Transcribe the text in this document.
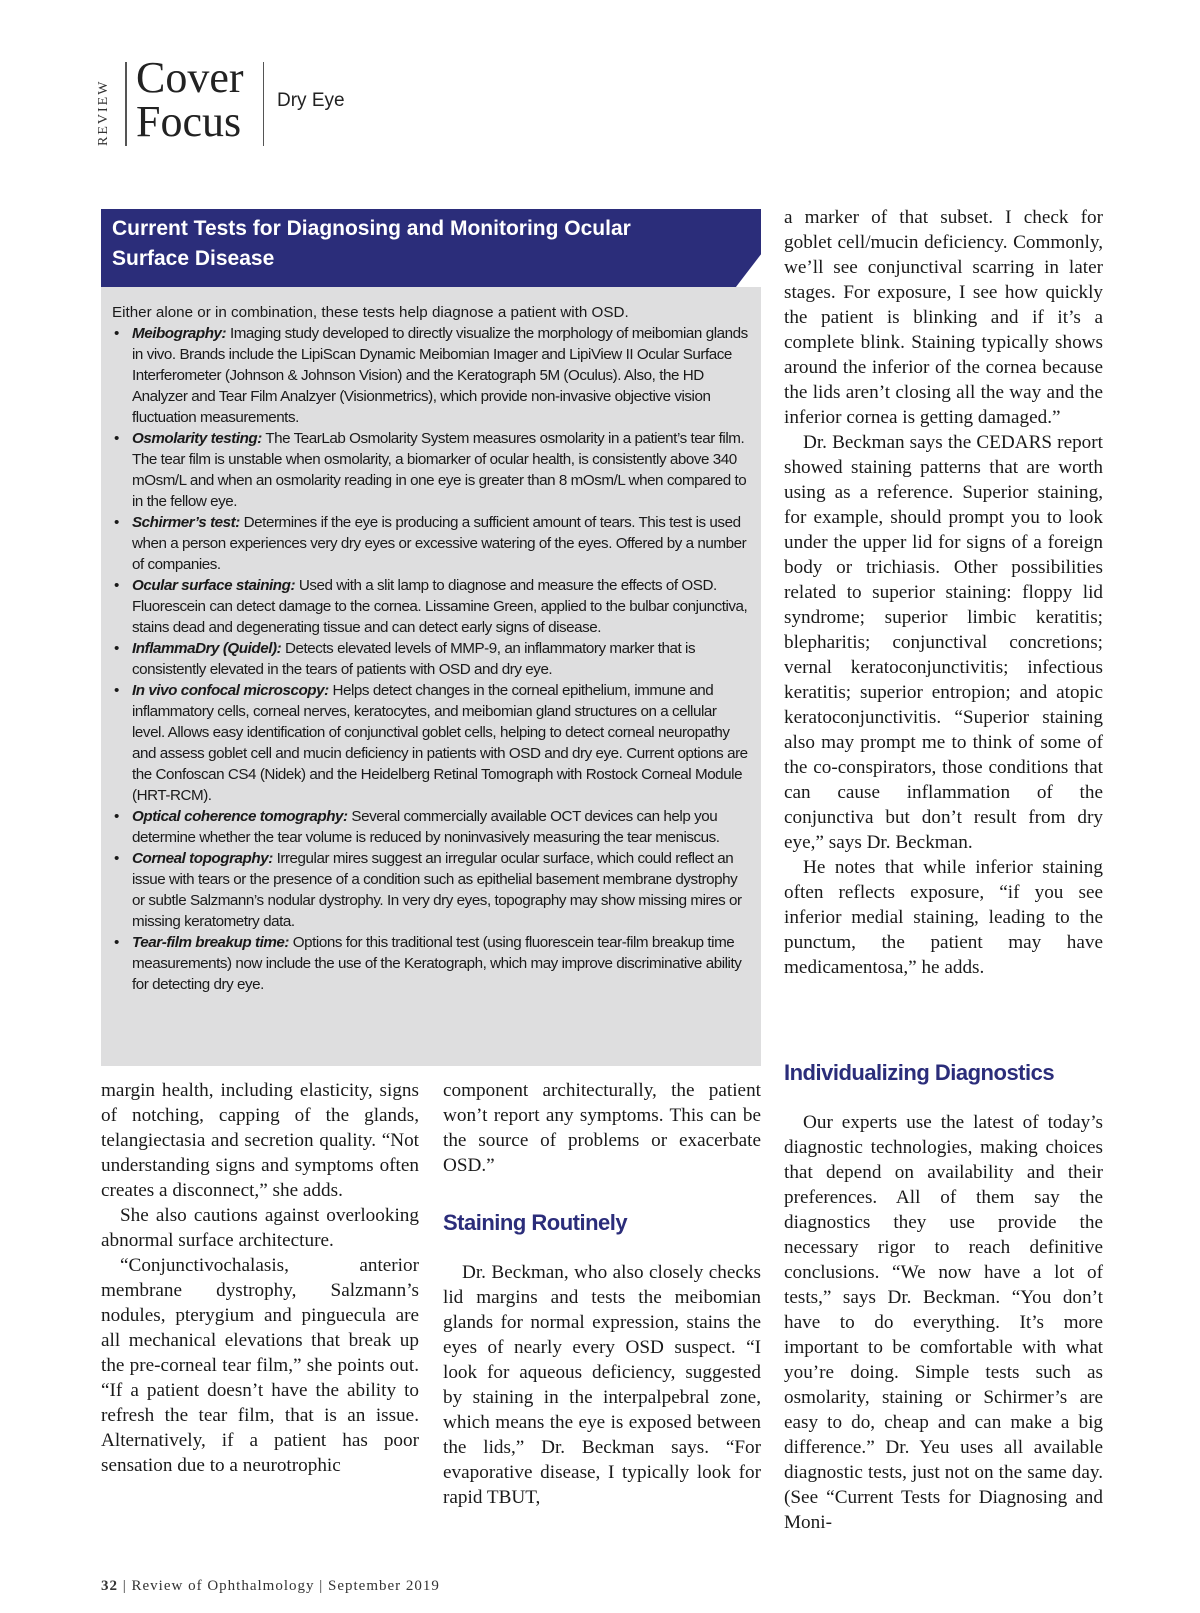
REVIEW
Cover
Focus Dry Eye
Current Tests for Diagnosing and Monitoring Ocular Surface Disease
Either alone or in combination, these tests help diagnose a patient with OSD.
• Meibography: Imaging study developed to directly visualize the morphology of meibomian glands in vivo. Brands include the LipiScan Dynamic Meibomian Imager and LipiView II Ocular Surface Interferometer (Johnson & Johnson Vision) and the Keratograph 5M (Oculus). Also, the HD Analyzer and Tear Film Analzyer (Visionmetrics), which provide non-invasive objective vision fluctuation measurements.
• Osmolarity testing: The TearLab Osmolarity System measures osmolarity in a patient’s tear film. The tear film is unstable when osmolarity, a biomarker of ocular health, is consistently above 340 mOsm/L and when an osmolarity reading in one eye is greater than 8 mOsm/L when compared to in the fellow eye.
• Schirmer’s test: Determines if the eye is producing a sufficient amount of tears. This test is used when a person experiences very dry eyes or excessive watering of the eyes. Offered by a number of companies.
• Ocular surface staining: Used with a slit lamp to diagnose and measure the effects of OSD. Fluorescein can detect damage to the cornea. Lissamine Green, applied to the bulbar conjunctiva, stains dead and degenerating tissue and can detect early signs of disease.
• InflammaDry (Quidel): Detects elevated levels of MMP-9, an inflammatory marker that is consistently elevated in the tears of patients with OSD and dry eye.
• In vivo confocal microscopy: Helps detect changes in the corneal epithelium, immune and inflammatory cells, corneal nerves, keratocytes, and meibomian gland structures on a cellular level. Allows easy identification of conjunctival goblet cells, helping to detect corneal neuropathy and assess goblet cell and mucin deficiency in patients with OSD and dry eye. Current options are the Confoscan CS4 (Nidek) and the Heidelberg Retinal Tomograph with Rostock Corneal Module (HRT-RCM).
• Optical coherence tomography: Several commercially available OCT devices can help you determine whether the tear volume is reduced by noninvasively measuring the tear meniscus.
• Corneal topography: Irregular mires suggest an irregular ocular surface, which could reflect an issue with tears or the presence of a condition such as epithelial basement membrane dystrophy or subtle Salzmann’s nodular dystrophy. In very dry eyes, topography may show missing mires or missing keratometry data.
• Tear-film breakup time: Options for this traditional test (using fluorescein tear-film breakup time measurements) now include the use of the Keratograph, which may improve discriminative ability for detecting dry eye.

margin health, including elasticity, signs of notching, capping of the glands, telangiectasia and secretion quality. “Not understanding signs and symptoms often creates a disconnect,” she adds.

She also cautions against overlooking abnormal surface architecture.

“Conjunctivochalasis, anterior membrane dystrophy, Salzmann’s nodules, pterygium and pinguecula are all mechanical elevations that break up the pre-corneal tear film,” she points out. “If a patient doesn’t have the ability to refresh the tear film, that is an issue. Alternatively, if a patient has poor sensation due to a neurotrophic

component architecturally, the patient won’t report any symptoms. This can be the source of problems or exacerbate OSD.”

Staining Routinely

Dr. Beckman, who also closely checks lid margins and tests the meibomian glands for normal expression, stains the eyes of nearly every OSD suspect. “I look for aqueous deficiency, suggested by staining in the interpalpebral zone, which means the eye is exposed between the lids,” Dr. Beckman says. “For evaporative disease, I typically look for rapid TBUT,

a marker of that subset. I check for goblet cell/mucin deficiency. Commonly, we’ll see conjunctival scarring in later stages. For exposure, I see how quickly the patient is blinking and if it’s a complete blink. Staining typically shows around the inferior of the cornea because the lids aren’t closing all the way and the inferior cornea is getting damaged.”

Dr. Beckman says the CEDARS report showed staining patterns that are worth using as a reference. Superior staining, for example, should prompt you to look under the upper lid for signs of a foreign body or trichiasis. Other possibilities related to superior staining: floppy lid syndrome; superior limbic keratitis; blepharitis; conjunctival concretions; vernal keratoconjunctivitis; infectious keratitis; superior entropion; and atopic keratoconjunctivitis. “Superior staining also may prompt me to think of some of the co-conspirators, those conditions that can cause inflammation of the conjunctiva but don’t result from dry eye,” says Dr. Beckman.

He notes that while inferior staining often reflects exposure, “if you see inferior medial staining, leading to the punctum, the patient may have medicamentosa,” he adds.

Individualizing Diagnostics

Our experts use the latest of today’s diagnostic technologies, making choices that depend on availability and their preferences. All of them say the diagnostics they use provide the necessary rigor to reach definitive conclusions. “We now have a lot of tests,” says Dr. Beckman. “You don’t have to do everything. It’s more important to be comfortable with what you’re doing. Simple tests such as osmolarity, staining or Schirmer’s are easy to do, cheap and can make a big difference.” Dr. Yeu uses all available diagnostic tests, just not on the same day. (See “Current Tests for Diagnosing and Moni-

32 | Review of Ophthalmology | September 2019
